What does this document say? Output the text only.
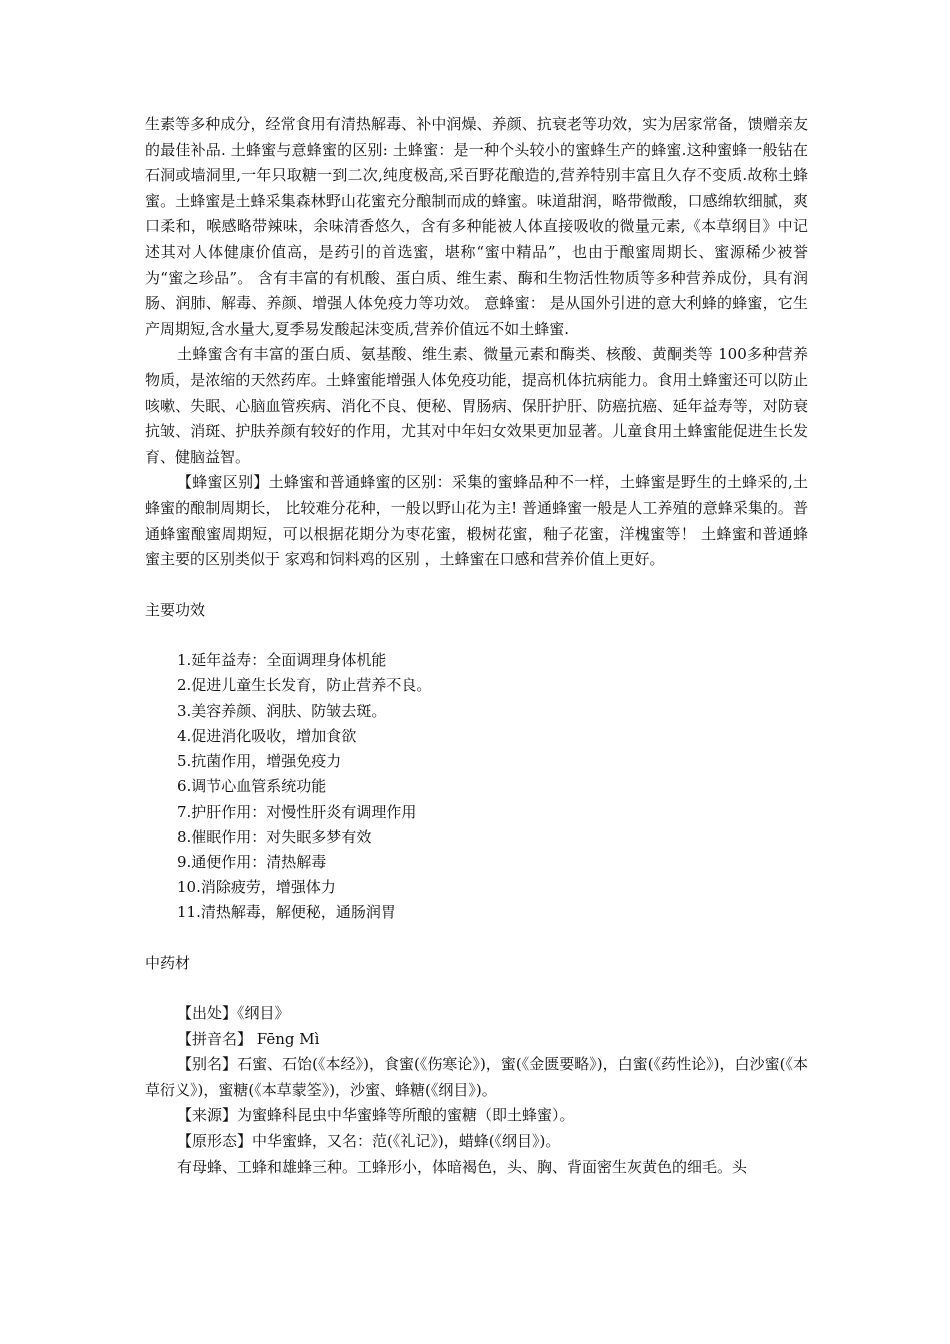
生素等多种成分，经常食用有清热解毒、补中润燥、养颜、抗衰老等功效，实为居家常备，馈赠亲友的最佳补品. 土蜂蜜与意蜂蜜的区别: 土蜂蜜：是一种个头较小的蜜蜂生产的蜂蜜.这种蜜蜂一般钻在石洞或墙洞里,一年只取糖一到二次,纯度极高,采百野花酿造的,营养特别丰富且久存不变质.故称土蜂蜜。土蜂蜜是土蜂采集森林野山花蜜充分酿制而成的蜂蜜。味道甜润，略带微酸，口感绵软细腻，爽口柔和，喉感略带辣味，余味清香悠久，含有多种能被人体直接吸收的微量元素,《本草纲目》中记述其对人体健康价值高，是药引的首选蜜，堪称“蜜中精品”，也由于酿蜜周期长、蜜源稀少被誉为“蜜之珍品”。 含有丰富的有机酸、蛋白质、维生素、酶和生物活性物质等多种营养成份，具有润肠、润肺、解毒、养颜、增强人体免疫力等功效。 意蜂蜜： 是从国外引进的意大利蜂的蜂蜜，它生产周期短,含水量大,夏季易发酸起沫变质,营养价值远不如土蜂蜜.

土蜂蜜含有丰富的蛋白质、氨基酸、维生素、微量元素和酶类、核酸、黄酮类等 100多种营养物质，是浓缩的天然药库。土蜂蜜能增强人体免疫功能，提高机体抗病能力。食用土蜂蜜还可以防止咳嗽、失眠、心脑血管疾病、消化不良、便秘、胃肠病、保肝护肝、防癌抗癌、延年益寿等，对防衰抗皱、消斑、护肤养颜有较好的作用，尤其对中年妇女效果更加显著。儿童食用土蜂蜜能促进生长发育、健脑益智。

【蜂蜜区别】土蜂蜜和普通蜂蜜的区别：采集的蜜蜂品种不一样，土蜂蜜是野生的土蜂采的,土蜂蜜的酿制周期长， 比较难分花种，一般以野山花为主! 普通蜂蜜一般是人工养殖的意蜂采集的。普通蜂蜜酿蜜周期短，可以根据花期分为枣花蜜，椴树花蜜，釉子花蜜，洋槐蜜等！ 土蜂蜜和普通蜂蜜主要的区别类似于 家鸡和饲料鸡的区别 ，土蜂蜜在口感和营养价值上更好。

主要功效

1.延年益寿：全面调理身体机能
2.促进儿童生长发育，防止营养不良。
3.美容养颜、润肤、防皱去斑。
4.促进消化吸收，增加食欲
5.抗菌作用，增强免疫力
6.调节心血管系统功能
7.护肝作用：对慢性肝炎有调理作用
8.催眠作用：对失眠多梦有效
9.通便作用：清热解毒
10.消除疲劳，增强体力
11.清热解毒，解便秘，通肠润胃

中药材

【出处】《纲目》

【拼音名】 Fēng Mì

【别名】石蜜、石饴(《本经》)，食蜜(《伤寒论》)，蜜(《金匮要略》)，白蜜(《药性论》)，白沙蜜(《本草衍义》)，蜜糖(《本草蒙筌》)，沙蜜、蜂糖(《纲目》)。

【来源】为蜜蜂科昆虫中华蜜蜂等所酿的蜜糖（即土蜂蜜）。

【原形态】中华蜜蜂，又名：范(《礼记》)，蜡蜂(《纲目》)。

有母蜂、工蜂和雄蜂三种。工蜂形小，体暗褐色，头、胸、背面密生灰黄色的细毛。头
